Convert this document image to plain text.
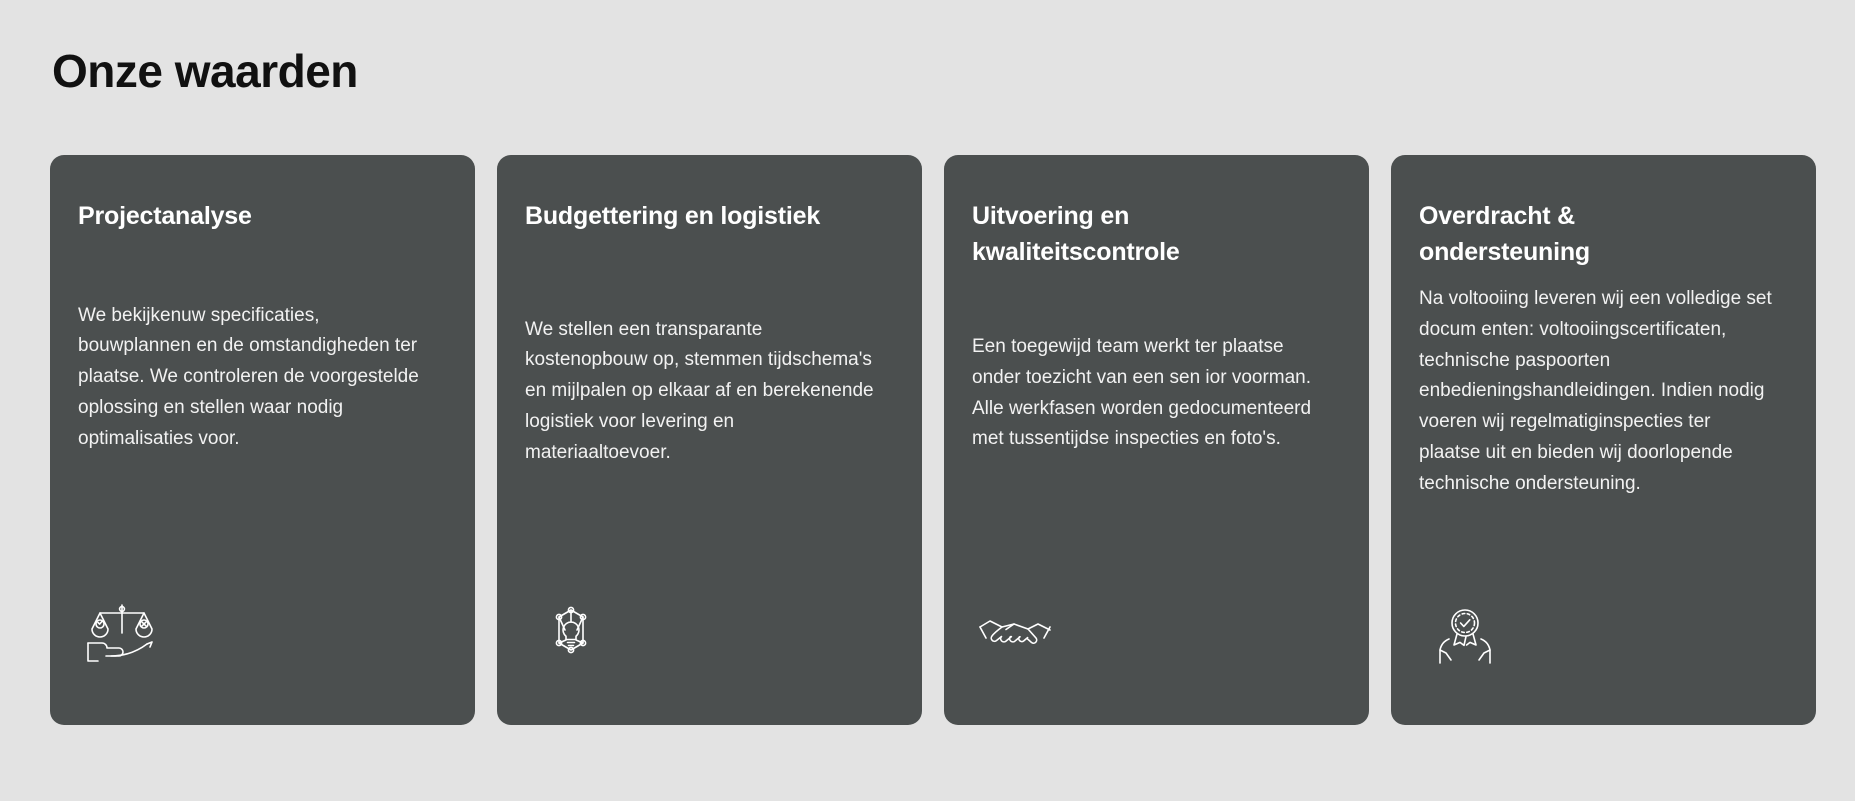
Onze waarden
Projectanalyse

We bekijkenuw specificaties, bouwplannen en de omstandigheden ter plaatse. We controleren de voorgestelde oplossing en stellen waar nodig optimalisaties voor.

Budgettering en logistiek

We stellen een transparante kostenopbouw op, stemmen tijdschema's en mijlpalen op elkaar af en berekenende logistiek voor levering en materiaaltoevoer.

Uitvoering en kwaliteitscontrole

Een toegewijd team werkt ter plaatse onder toezicht van een sen ior voorman. Alle werkfasen worden gedocumenteerd met tussentijdse inspecties en foto's.

Overdracht & ondersteuning

Na voltooiing leveren wij een volledige set docum enten: voltooiingscertificaten, technische paspoorten enbedieningshandleidingen. Indien nodig voeren wij regelmatiginspecties ter plaatse uit en bieden wij doorlopende technische ondersteuning.
